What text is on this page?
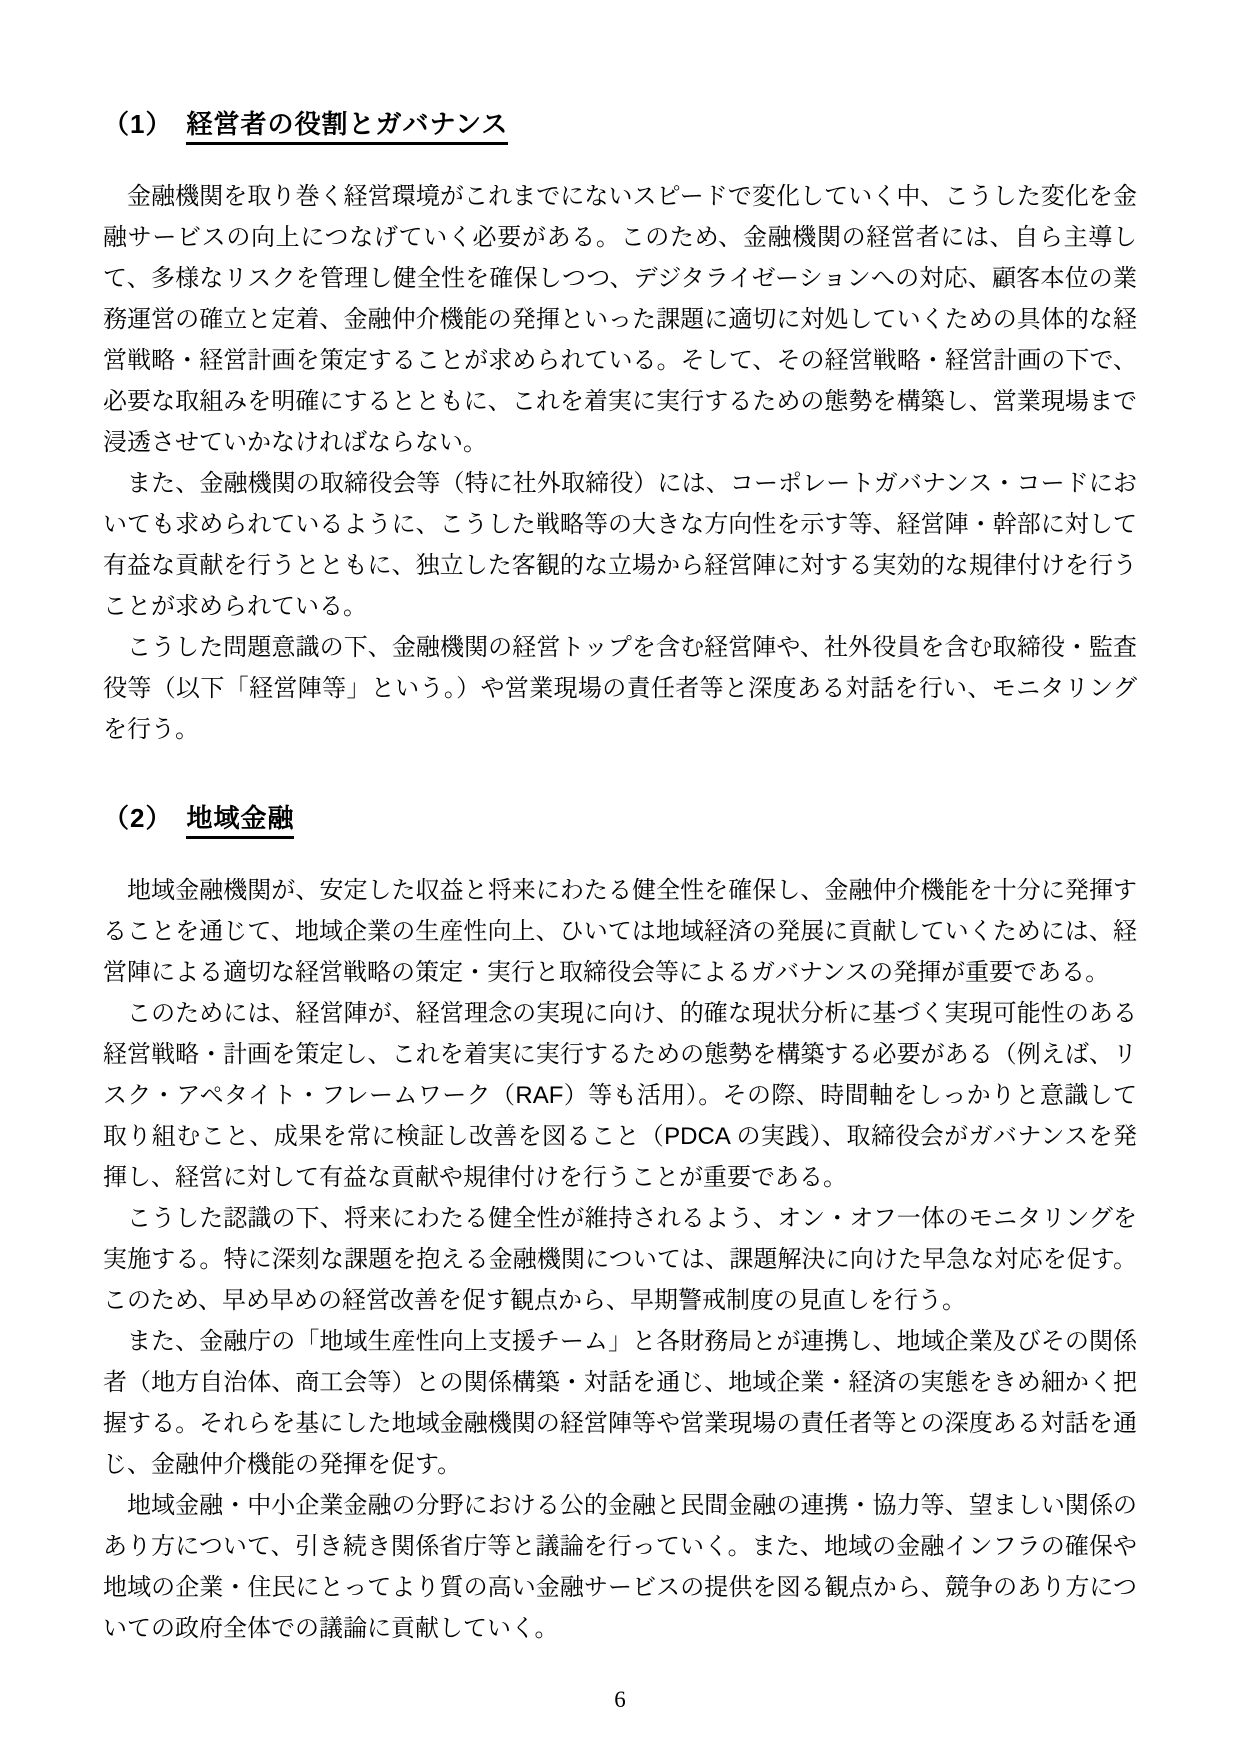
（1） 経営者の役割とガバナンス

金融機関を取り巻く経営環境がこれまでにないスピードで変化していく中、こうした変化を金融サービスの向上につなげていく必要がある。このため、金融機関の経営者には、自ら主導して、多様なリスクを管理し健全性を確保しつつ、デジタライゼーションへの対応、顧客本位の業務運営の確立と定着、金融仲介機能の発揮といった課題に適切に対処していくための具体的な経営戦略・経営計画を策定することが求められている。そして、その経営戦略・経営計画の下で、必要な取組みを明確にするとともに、これを着実に実行するための態勢を構築し、営業現場まで浸透させていかなければならない。

また、金融機関の取締役会等（特に社外取締役）には、コーポレートガバナンス・コードにおいても求められているように、こうした戦略等の大きな方向性を示す等、経営陣・幹部に対して有益な貢献を行うとともに、独立した客観的な立場から経営陣に対する実効的な規律付けを行うことが求められている。

こうした問題意識の下、金融機関の経営トップを含む経営陣や、社外役員を含む取締役・監査役等（以下「経営陣等」という。）や営業現場の責任者等と深度ある対話を行い、モニタリングを行う。

（2） 地域金融

地域金融機関が、安定した収益と将来にわたる健全性を確保し、金融仲介機能を十分に発揮することを通じて、地域企業の生産性向上、ひいては地域経済の発展に貢献していくためには、経営陣による適切な経営戦略の策定・実行と取締役会等によるガバナンスの発揮が重要である。

このためには、経営陣が、経営理念の実現に向け、的確な現状分析に基づく実現可能性のある経営戦略・計画を策定し、これを着実に実行するための態勢を構築する必要がある（例えば、リスク・アペタイト・フレームワーク（RAF）等も活用）。その際、時間軸をしっかりと意識して取り組むこと、成果を常に検証し改善を図ること（PDCA の実践）、取締役会がガバナンスを発揮し、経営に対して有益な貢献や規律付けを行うことが重要である。

こうした認識の下、将来にわたる健全性が維持されるよう、オン・オフ一体のモニタリングを実施する。特に深刻な課題を抱える金融機関については、課題解決に向けた早急な対応を促す。このため、早め早めの経営改善を促す観点から、早期警戒制度の見直しを行う。

また、金融庁の「地域生産性向上支援チーム」と各財務局とが連携し、地域企業及びその関係者（地方自治体、商工会等）との関係構築・対話を通じ、地域企業・経済の実態をきめ細かく把握する。それらを基にした地域金融機関の経営陣等や営業現場の責任者等との深度ある対話を通じ、金融仲介機能の発揮を促す。

地域金融・中小企業金融の分野における公的金融と民間金融の連携・協力等、望ましい関係のあり方について、引き続き関係省庁等と議論を行っていく。また、地域の金融インフラの確保や地域の企業・住民にとってより質の高い金融サービスの提供を図る観点から、競争のあり方についての政府全体での議論に貢献していく。

6
